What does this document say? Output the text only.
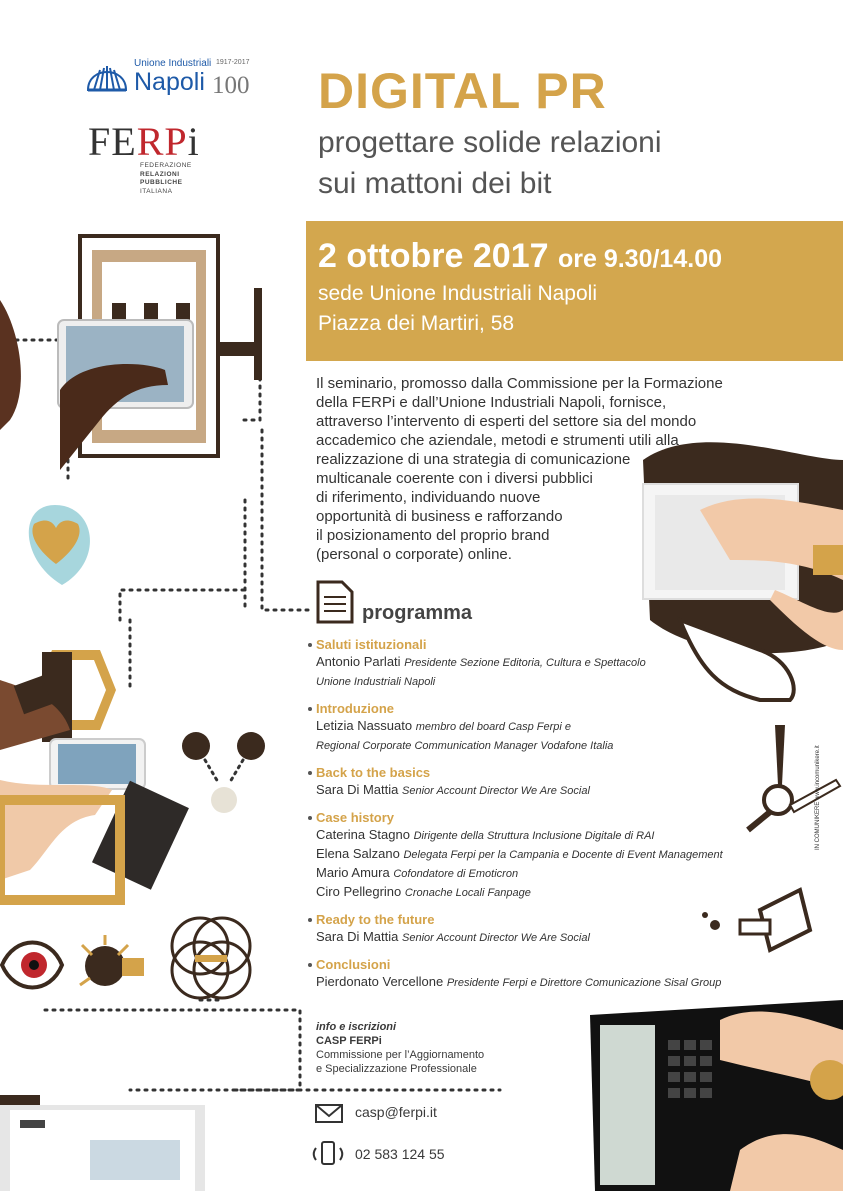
Unione Industriali 1917-2017
Napoli 100
FERPi
FEDERAZIONE
RELAZIONI
PUBBLICHE
ITALIANA
DIGITAL PR
progettare solide relazioni
sui mattoni dei bit
2 ottobre 2017 ore 9.30/14.00
sede Unione Industriali Napoli
Piazza dei Martiri, 58
Il seminario, promosso dalla Commissione per la Formazione
della FERPi e dall’Unione Industriali Napoli, fornisce,
attraverso l’intervento di esperti del settore sia del mondo
accademico che aziendale, metodi e strumenti utili alla
realizzazione di una strategia di comunicazione
multicanale coerente con i diversi pubblici
di riferimento, individuando nuove
opportunità di business e rafforzando
il posizionamento del proprio brand
(personal o corporate) online.
programma
Saluti istituzionali
Antonio Parlati Presidente Sezione Editoria, Cultura e Spettacolo
Unione Industriali Napoli
Introduzione
Letizia Nassuato membro del board Casp Ferpi e
Regional Corporate Communication Manager Vodafone Italia
Back to the basics
Sara Di Mattia Senior Account Director We Are Social
Case history
Caterina Stagno Dirigente della Struttura Inclusione Digitale di RAI
Elena Salzano Delegata Ferpi per la Campania e Docente di Event Management
Mario Amura Cofondatore di Emoticron
Ciro Pellegrino Cronache Locali Fanpage
Ready to the future
Sara Di Mattia Senior Account Director We Are Social
Conclusioni
Pierdonato Vercellone Presidente Ferpi e Direttore Comunicazione Sisal Group
info e iscrizioni
CASP FERPi
Commissione per l’Aggiornamento
e Specializzazione Professionale
casp@ferpi.it
02 583 124 55
IN COMUNIKERE www.incomunikere.it
